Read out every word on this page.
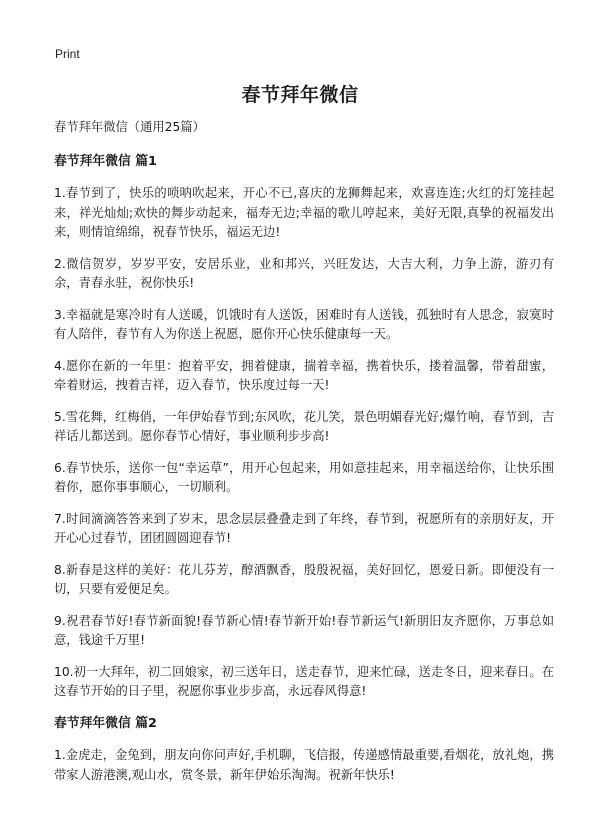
Print
春节拜年微信
春节拜年微信（通用25篇）
春节拜年微信 篇1

1.春节到了，快乐的唢呐吹起来，开心不已,喜庆的龙狮舞起来，欢喜连连;火红的灯笼挂起来，祥光灿灿;欢快的舞步动起来，福寿无边;幸福的歌儿哼起来，美好无限,真挚的祝福发出来，则情谊绵绵，祝春节快乐，福运无边!

2.微信贺岁，岁岁平安，安居乐业，业和邦兴，兴旺发达，大吉大利，力争上游，游刃有余，青春永驻，祝你快乐!

3.幸福就是寒冷时有人送暖，饥饿时有人送饭，困难时有人送钱，孤独时有人思念，寂寞时有人陪伴，春节有人为你送上祝愿，愿你开心快乐健康每一天。

4.愿你在新的一年里：抱着平安，拥着健康，揣着幸福，携着快乐，搂着温馨，带着甜蜜，牵着财运，拽着吉祥，迈入春节，快乐度过每一天!

5.雪花舞，红梅俏，一年伊始春节到;东风吹，花儿笑，景色明媚春光好;爆竹响，春节到，吉祥话儿都送到。愿你春节心情好，事业顺利步步高!

6.春节快乐，送你一包“幸运草”，用开心包起来，用如意挂起来，用幸福送给你，让快乐围着你，愿你事事顺心，一切顺利。

7.时间滴滴答答来到了岁末，思念层层叠叠走到了年终，春节到，祝愿所有的亲朋好友，开开心心过春节，团团圆圆迎春节!

8.新春是这样的美好：花儿芬芳，醇酒飘香，殷殷祝福，美好回忆，恩爱日新。即便没有一切，只要有爱便足矣。

9.祝君春节好!春节新面貌!春节新心情!春节新开始!春节新运气!新朋旧友齐愿你，万事总如意，钱途千万里!

10.初一大拜年，初二回娘家，初三送年日，送走春节，迎来忙碌，送走冬日，迎来春日。在这春节开始的日子里，祝愿你事业步步高，永远春风得意!

春节拜年微信 篇2

1.金虎走，金兔到，朋友向你问声好,手机聊，飞信报，传递感情最重要,看烟花，放礼炮，携带家人游港澳,观山水，赏冬景，新年伊始乐淘淘。祝新年快乐!
